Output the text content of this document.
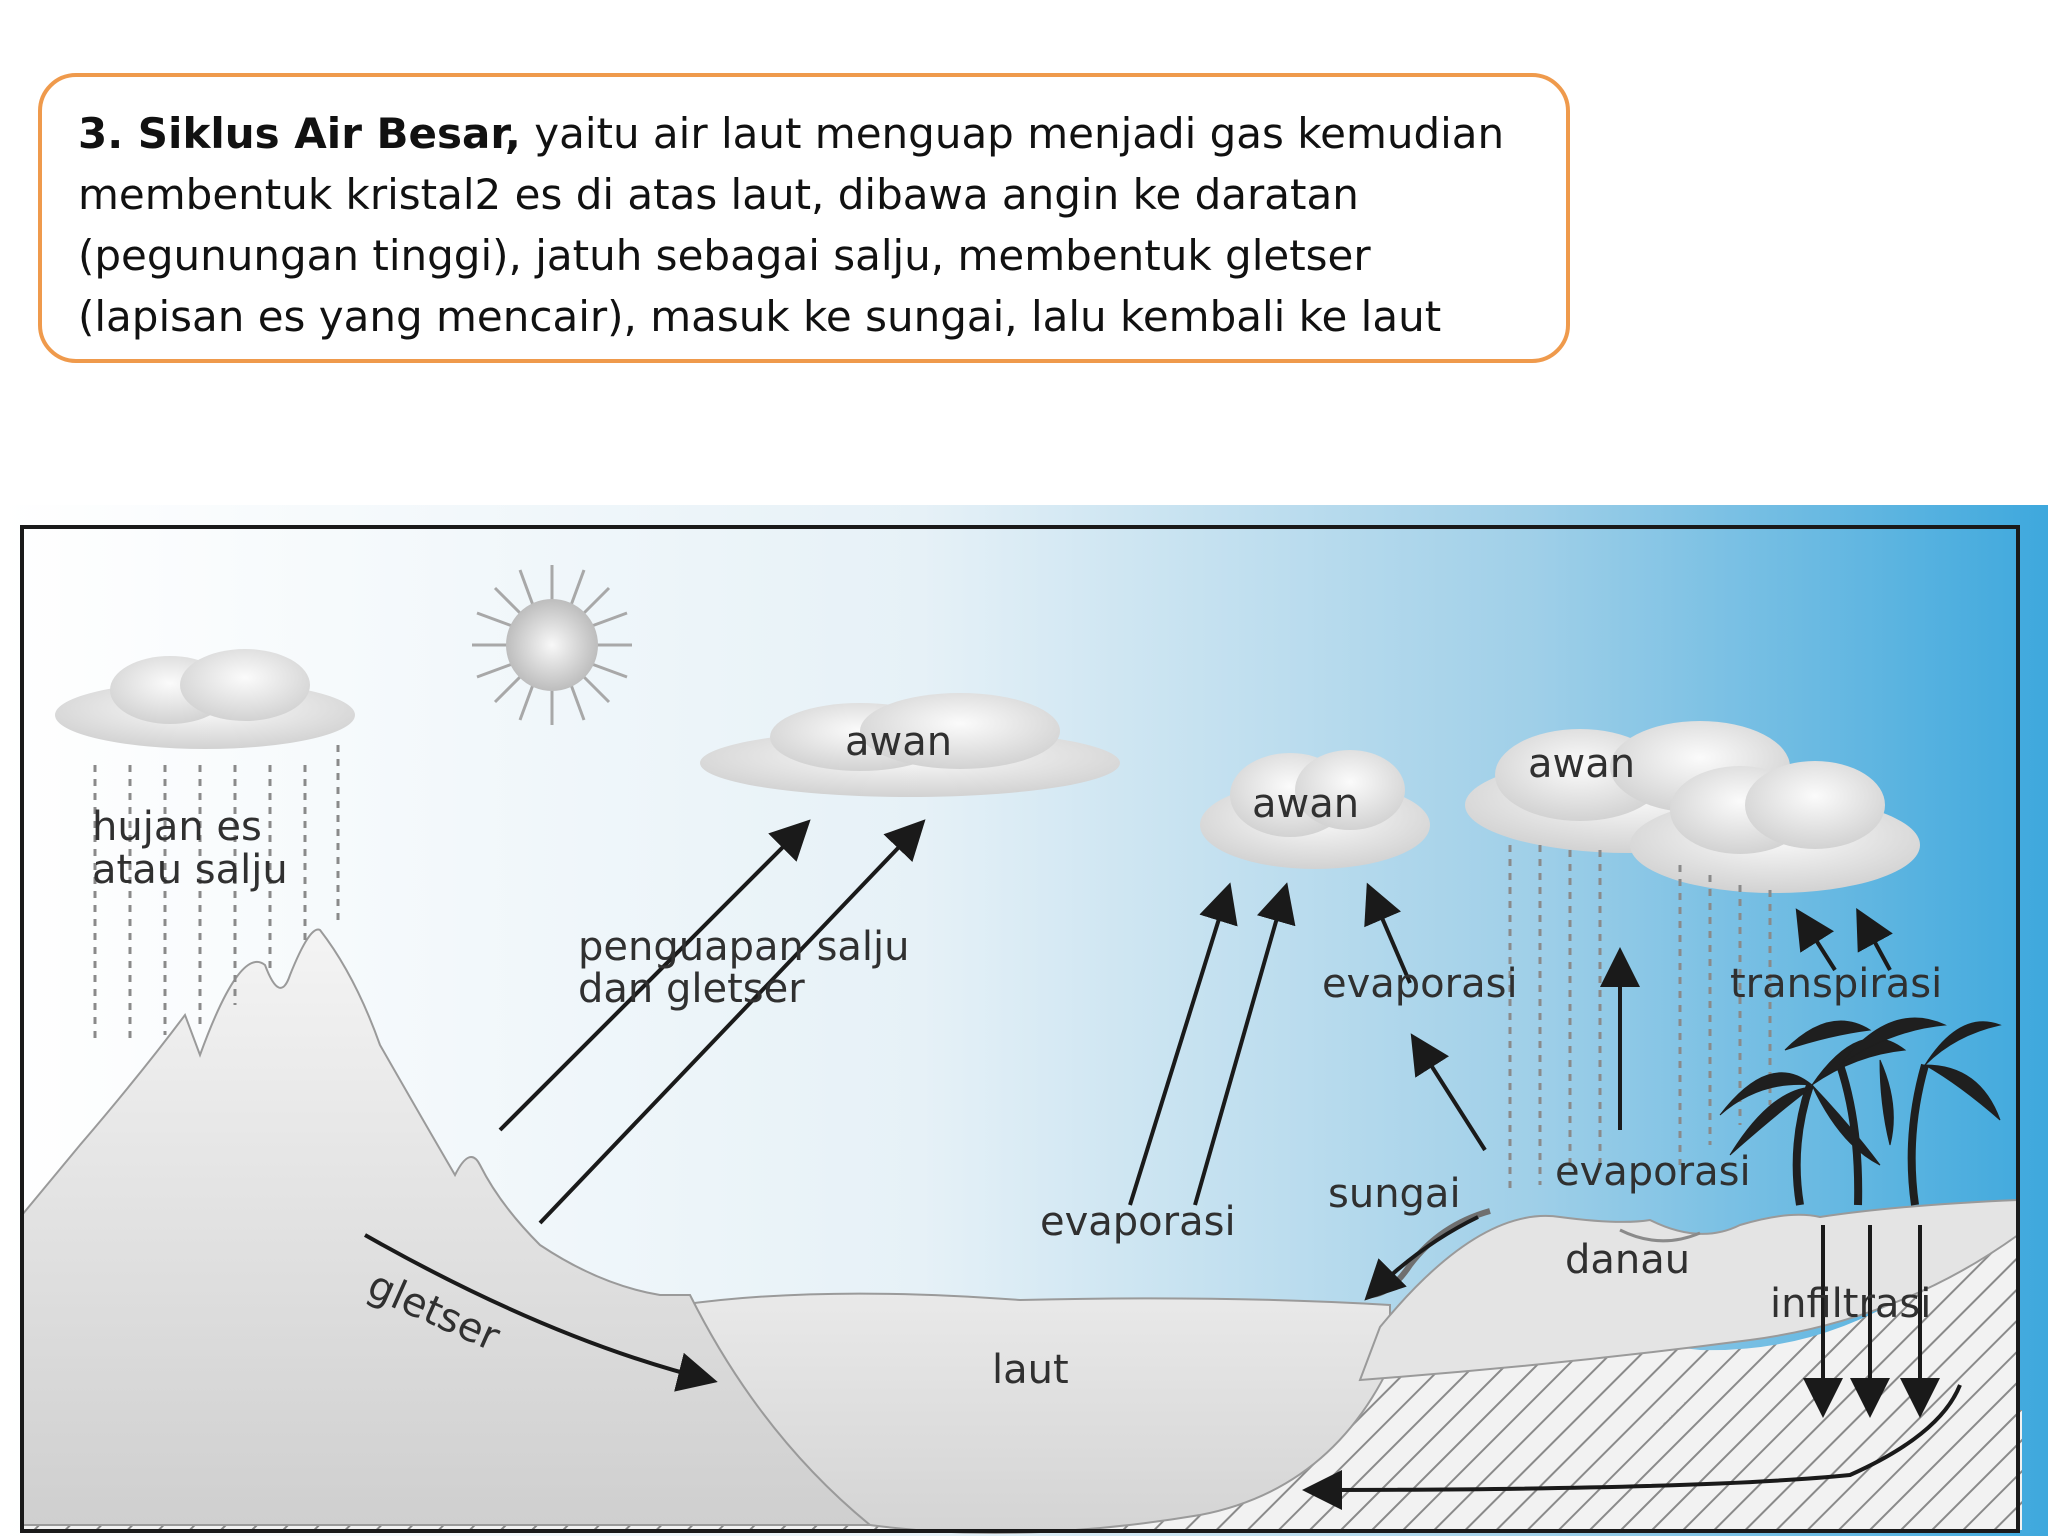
3. Siklus Air Besar, yaitu air laut menguap menjadi gas kemudian membentuk kristal2 es di atas laut, dibawa angin ke daratan (pegunungan tinggi), jatuh sebagai salju, membentuk gletser (lapisan es yang mencair), masuk ke sungai, lalu kembali ke laut
hujan es
atau salju
awan
awan
awan
penguapan salju
dan gletser
gletser
laut
evaporasi
evaporasi
evaporasi
sungai
danau
transpirasi
infiltrasi
